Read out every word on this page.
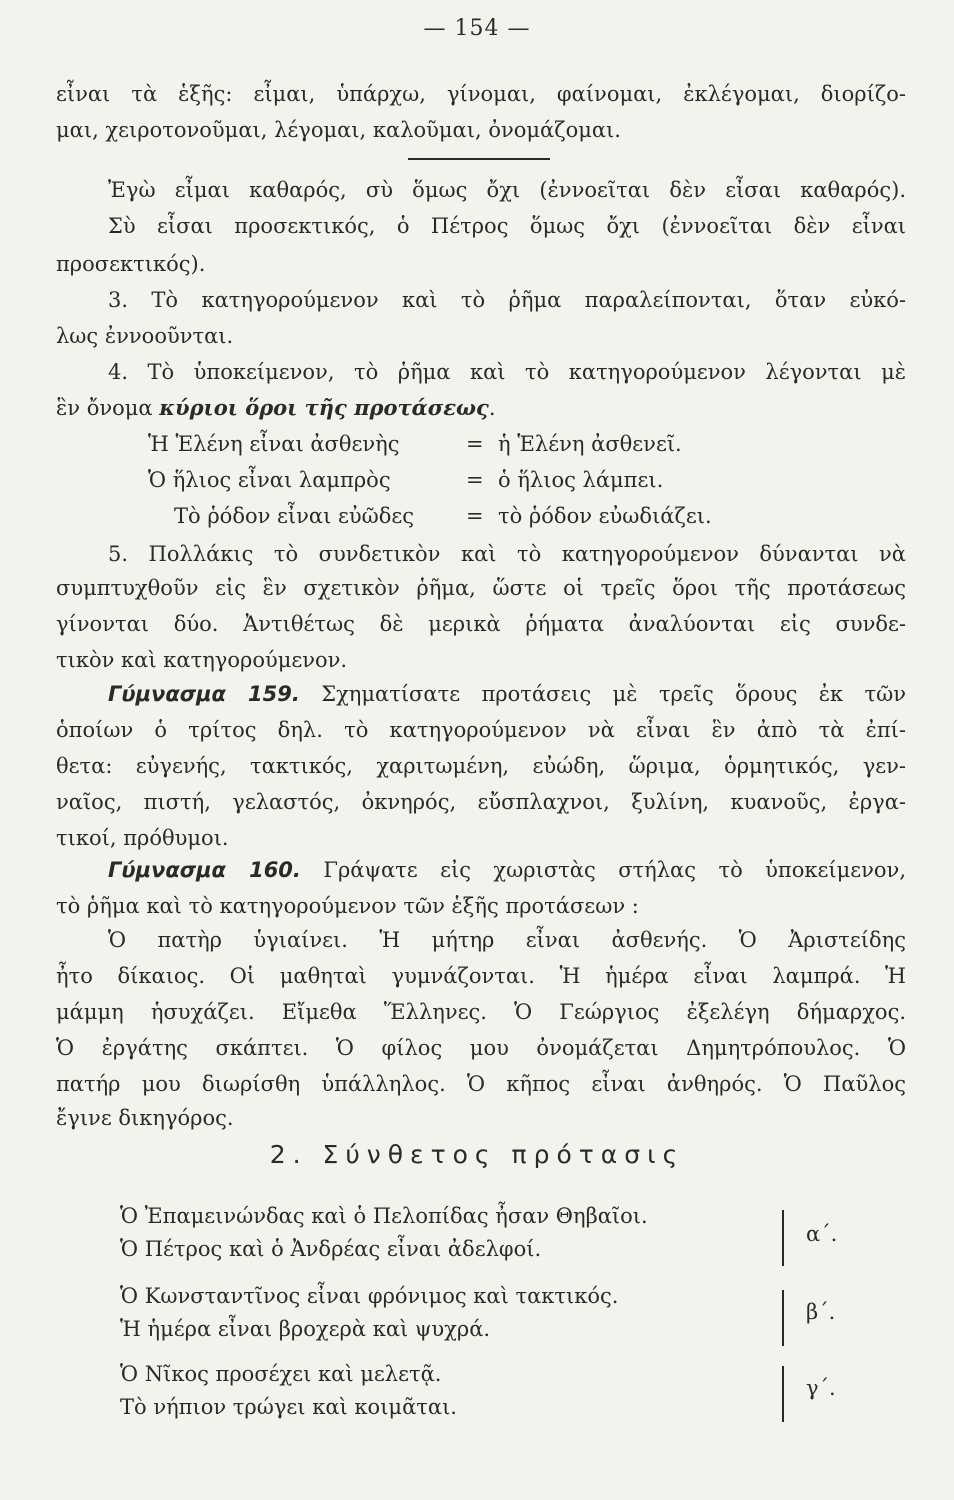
— 154 —
εἶναι τὰ ἑξῆς: εἶμαι, ὑπάρχω, γίνομαι, φαίνομαι, ἐκλέγομαι, διορίζο-
μαι, χειροτονοῦμαι, λέγομαι, καλοῦμαι, ὀνομάζομαι.
Ἐγὼ εἶμαι καθαρός, σὺ ὅμως ὄχι (ἐννοεῖται δὲν εἶσαι καθαρός).
Σὺ εἶσαι προσεκτικός, ὁ Πέτρος ὅμως ὄχι (ἐννοεῖται δὲν εἶναι
προσεκτικός).
3. Τὸ κατηγορούμενον καὶ τὸ ῥῆμα παραλείπονται, ὅταν εὐκό-
λως ἐννοοῦνται.
4. Τὸ ὑποκείμενον, τὸ ῥῆμα καὶ τὸ κατηγορούμενον λέγονται μὲ
ἓν ὄνομα κύριοι ὅροι τῆς προτάσεως.
Ἡ Ἑλένη εἶναι ἀσθενὴς	= ἡ Ἑλένη ἀσθενεῖ.
Ὁ ἥλιος εἶναι λαμπρὸς	= ὁ ἥλιος λάμπει.
Τὸ ῥόδον εἶναι εὐῶδες = τὸ ῥόδον εὐωδιάζει.
5. Πολλάκις τὸ συνδετικὸν καὶ τὸ κατηγορούμενον δύνανται νὰ
συμπτυχθοῦν εἰς ἓν σχετικὸν ῥῆμα, ὥστε οἱ τρεῖς ὅροι τῆς προτάσεως
γίνονται δύο. Ἀντιθέτως δὲ μερικὰ ῥήματα ἀναλύονται εἰς συνδε-
τικὸν καὶ κατηγορούμενον.
Γύμνασμα 159. Σχηματίσατε προτάσεις μὲ τρεῖς ὅρους ἐκ τῶν
ὁποίων ὁ τρίτος δηλ. τὸ κατηγορούμενον νὰ εἶναι ἓν ἀπὸ τὰ ἐπί-
θετα: εὐγενής, τακτικός, χαριτωμένη, εὐώδη, ὥριμα, ὁρμητικός, γεν-
ναῖος, πιστή, γελαστός, ὀκνηρός, εὔσπλαχνοι, ξυλίνη, κυανοῦς, ἐργα-
τικοί, πρόθυμοι.
Γύμνασμα 160. Γράψατε εἰς χωριστὰς στήλας τὸ ὑποκείμενον,
τὸ ῥῆμα καὶ τὸ κατηγορούμενον τῶν ἑξῆς προτάσεων :
Ὁ πατὴρ ὑγιαίνει. Ἡ μήτηρ εἶναι ἀσθενής. Ὁ Ἀριστείδης
ἦτο δίκαιος. Οἱ μαθηταὶ γυμνάζονται. Ἡ ἡμέρα εἶναι λαμπρά. Ἡ
μάμμη ἡσυχάζει. Εἴμεθα Ἕλληνες. Ὁ Γεώργιος ἐξελέγη δήμαρχος.
Ὁ ἐργάτης σκάπτει. Ὁ φίλος μου ὀνομάζεται Δημητρόπουλος. Ὁ
πατήρ μου διωρίσθη ὑπάλληλος. Ὁ κῆπος εἶναι ἀνθηρός. Ὁ Παῦλος
ἔγινε δικηγόρος.
2. Σύνθετος πρότασις
Ὁ Ἐπαμεινώνδας καὶ ὁ Πελοπίδας ἦσαν Θηβαῖοι.
Ὁ Πέτρος καὶ ὁ Ἀνδρέας εἶναι ἀδελφοί.
α΄.
Ὁ Κωνσταντῖνος εἶναι φρόνιμος καὶ τακτικός.
Ἡ ἡμέρα εἶναι βροχερὰ καὶ ψυχρά.
β΄.
Ὁ Νῖκος προσέχει καὶ μελετᾷ.
Τὸ νήπιον τρώγει καὶ κοιμᾶται.
γ΄.
